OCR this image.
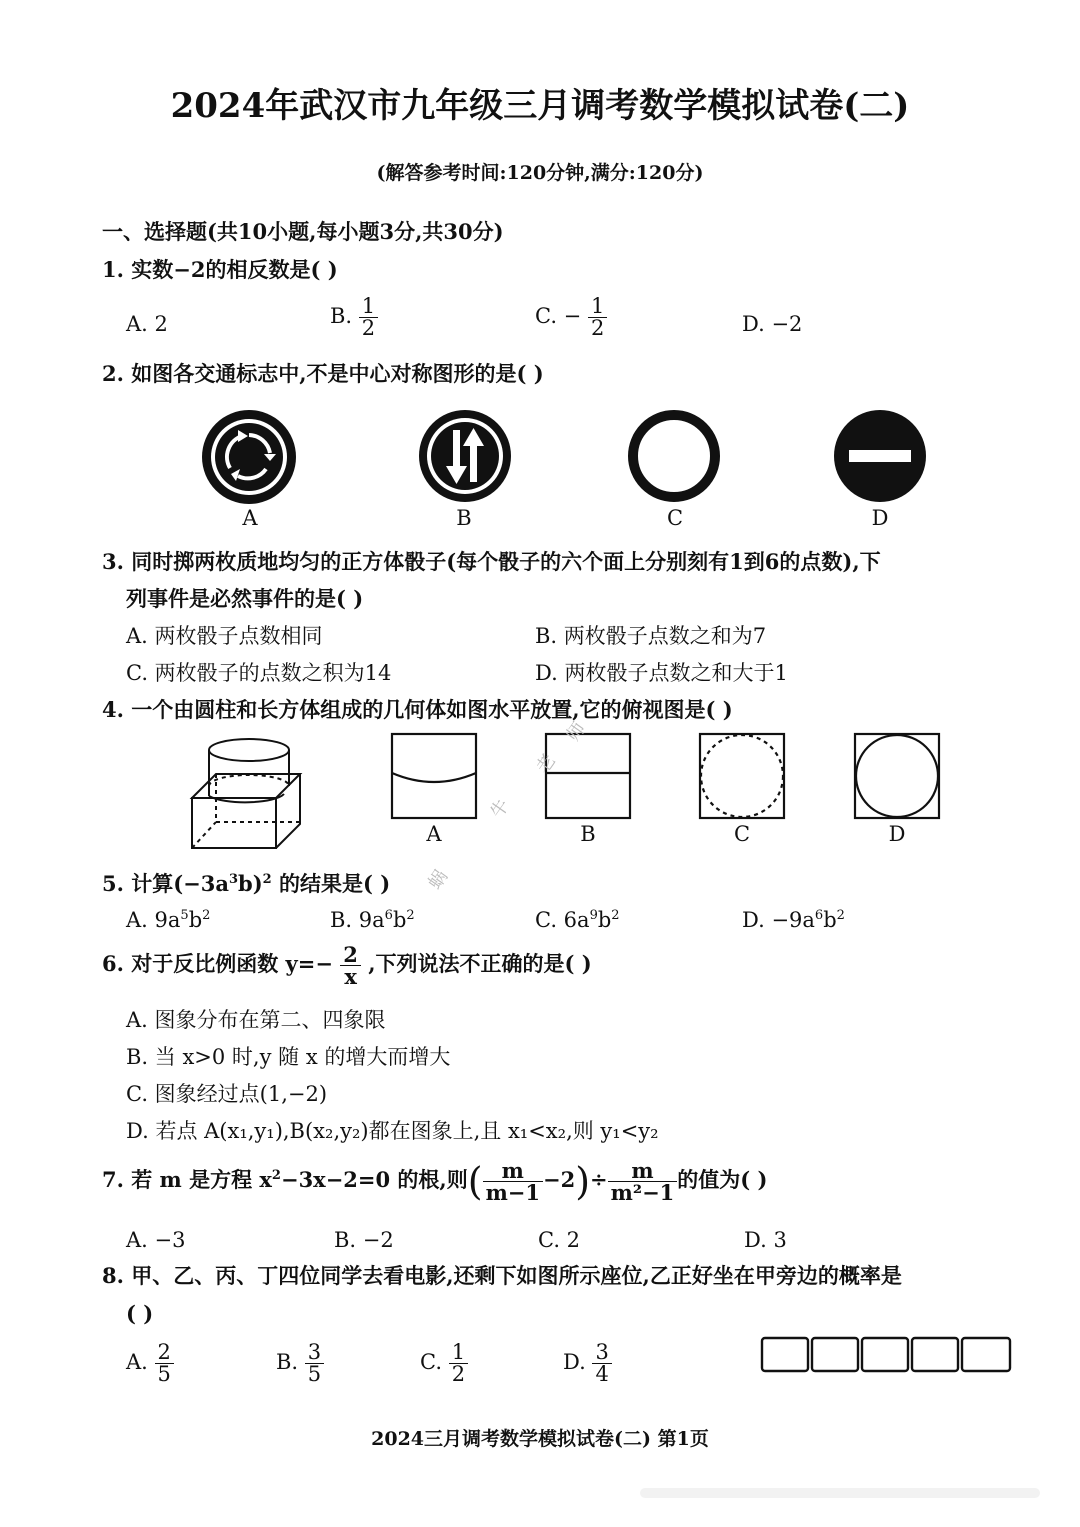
2024年武汉市九年级三月调考数学模拟试卷(二)
(解答参考时间:120分钟,满分:120分)
一、选择题(共10小题,每小题3分,共30分)
1. 实数−2的相反数是( )
A. 2	B. $\frac{1}{2}$	C. − $\frac{1}{2}$	D. −2
2. 如图各交通标志中,不是中心对称图形的是( )
A	B	C	D
3. 同时掷两枚质地均匀的正方体骰子(每个骰子的六个面上分别刻有1到6的点数),下
列事件是必然事件的是( )
A. 两枚骰子点数相同	B. 两枚骰子点数之和为7
C. 两枚骰子的点数之积为14	D. 两枚骰子点数之和大于1
4. 一个由圆柱和长方体组成的几何体如图水平放置,它的俯视图是( )
A	B	C	D
师
老
牛
蜗
5. 计算$(-3a^3b)^2$ 的结果是( )
A. $9a^5b^2$	B. $9a^6b^2$	C. $6a^9b^2$	D. $-9a^6b^2$
6. 对于反比例函数 $y=- \frac{2}{x}$ ,下列说法不正确的是( )
A. 图象分布在第二、四象限
B. 当 x>0 时,y 随 x 的增大而增大
C. 图象经过点(1,−2)
D. 若点 A(x₁,y₁),B(x₂,y₂)都在图象上,且 x₁<x₂,则 y₁<y₂
7. 若 m 是方程 $x^2-3x-2=0$ 的根,则( $\frac{m}{m-1} -2)\div \frac{m}{\text{m²−1}}$ 的值为( )
A. −3	B. −2	C. 2	D. 3
8. 甲、乙、丙、丁四位同学去看电影,还剩下如图所示座位,乙正好坐在甲旁边的概率是
( )
A. $\frac{2}{5}$	B. $\frac{3}{5}$	C. $\frac{1}{2}$	D. $\frac{3}{4}$
2024三月调考数学模拟试卷(二) 第1页
